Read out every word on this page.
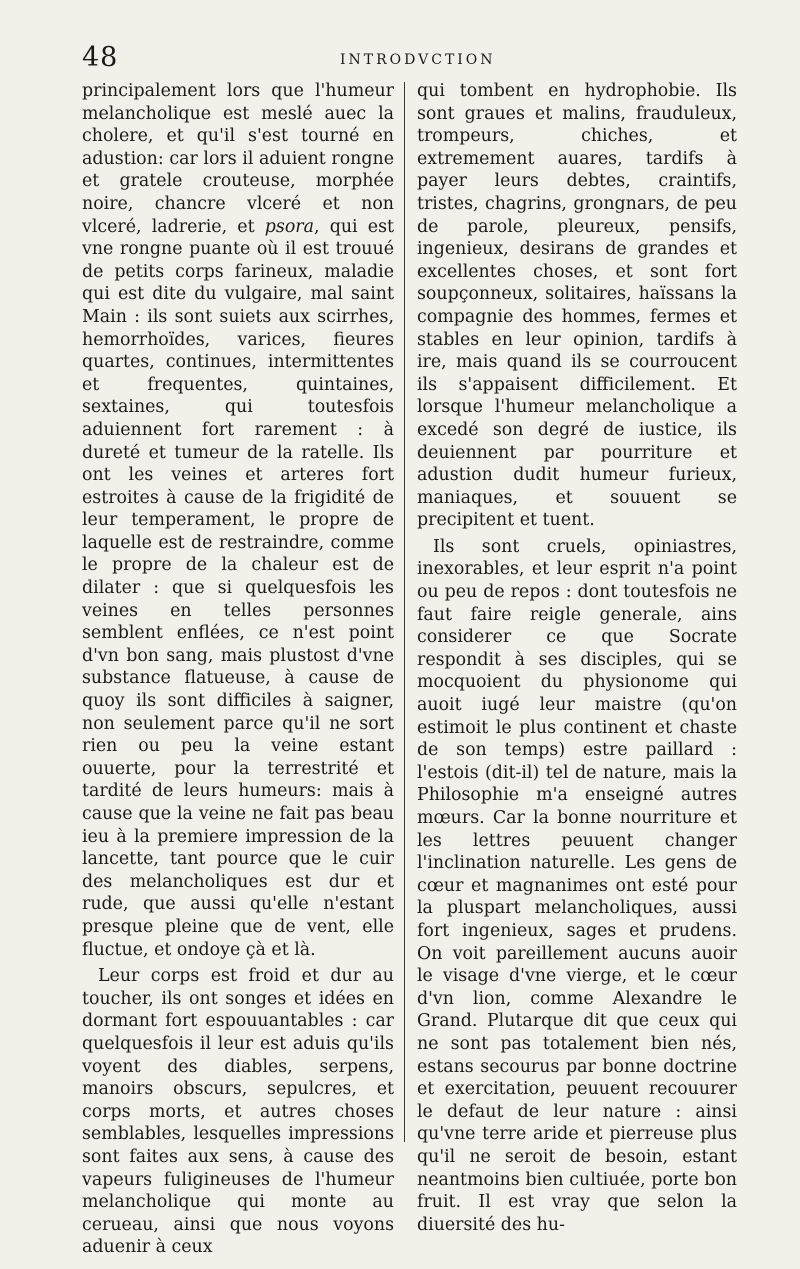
48	INTRODVCTION

principalement lors que l'humeur melancholique est meslé auec la cholere, et qu'il s'est tourné en adustion: car lors il aduient rongne et gratele crouteuse, morphée noire, chancre vlceré et non vlceré, ladrerie, et psora, qui est vne rongne puante où il est trouué de petits corps farineux, maladie qui est dite du vulgaire, mal saint Main : ils sont suiets aux scirrhes, hemorrhoïdes, varices, fieures quartes, continues, intermittentes et frequentes, quintaines, sextaines, qui toutesfois aduiennent fort rarement : à dureté et tumeur de la ratelle. Ils ont les veines et arteres fort estroites à cause de la frigidité de leur temperament, le propre de laquelle est de restraindre, comme le propre de la chaleur est de dilater : que si quelquesfois les veines en telles personnes semblent enflées, ce n'est point d'vn bon sang, mais plustost d'vne substance flatueuse, à cause de quoy ils sont difficiles à saigner, non seulement parce qu'il ne sort rien ou peu la veine estant ouuerte, pour la terrestrité et tardité de leurs humeurs: mais à cause que la veine ne fait pas beau ieu à la premiere impression de la lancette, tant pource que le cuir des melancholiques est dur et rude, que aussi qu'elle n'estant presque pleine que de vent, elle fluctue, et ondoye çà et là.

Leur corps est froid et dur au toucher, ils ont songes et idées en dormant fort espouuantables : car quelquesfois il leur est aduis qu'ils voyent des diables, serpens, manoirs obscurs, sepulcres, et corps morts, et autres choses semblables, lesquelles impressions sont faites aux sens, à cause des vapeurs fuligineuses de l'humeur melancholique qui monte au cerueau, ainsi que nous voyons aduenir à ceux

qui tombent en hydrophobie. Ils sont graues et malins, frauduleux, trompeurs, chiches, et extremement auares, tardifs à payer leurs debtes, craintifs, tristes, chagrins, grongnars, de peu de parole, pleureux, pensifs, ingenieux, desirans de grandes et excellentes choses, et sont fort soupçonneux, solitaires, haïssans la compagnie des hommes, fermes et stables en leur opinion, tardifs à ire, mais quand ils se courroucent ils s'appaisent difficilement. Et lorsque l'humeur melancholique a excedé son degré de iustice, ils deuiennent par pourriture et adustion dudit humeur furieux, maniaques, et souuent se precipitent et tuent.

Ils sont cruels, opiniastres, inexorables, et leur esprit n'a point ou peu de repos : dont toutesfois ne faut faire reigle generale, ains considerer ce que Socrate respondit à ses disciples, qui se mocquoient du physionome qui auoit iugé leur maistre (qu'on estimoit le plus continent et chaste de son temps) estre paillard : l'estois (dit-il) tel de nature, mais la Philosophie m'a enseigné autres mœurs. Car la bonne nourriture et les lettres peuuent changer l'inclination naturelle. Les gens de cœur et magnanimes ont esté pour la pluspart melancholiques, aussi fort ingenieux, sages et prudens. On voit pareillement aucuns auoir le visage d'vne vierge, et le cœur d'vn lion, comme Alexandre le Grand. Plutarque dit que ceux qui ne sont pas totalement bien nés, estans secourus par bonne doctrine et exercitation, peuuent recouurer le defaut de leur nature : ainsi qu'vne terre aride et pierreuse plus qu'il ne seroit de besoin, estant neantmoins bien cultiuée, porte bon fruit. Il est vray que selon la diuersité des hu-
